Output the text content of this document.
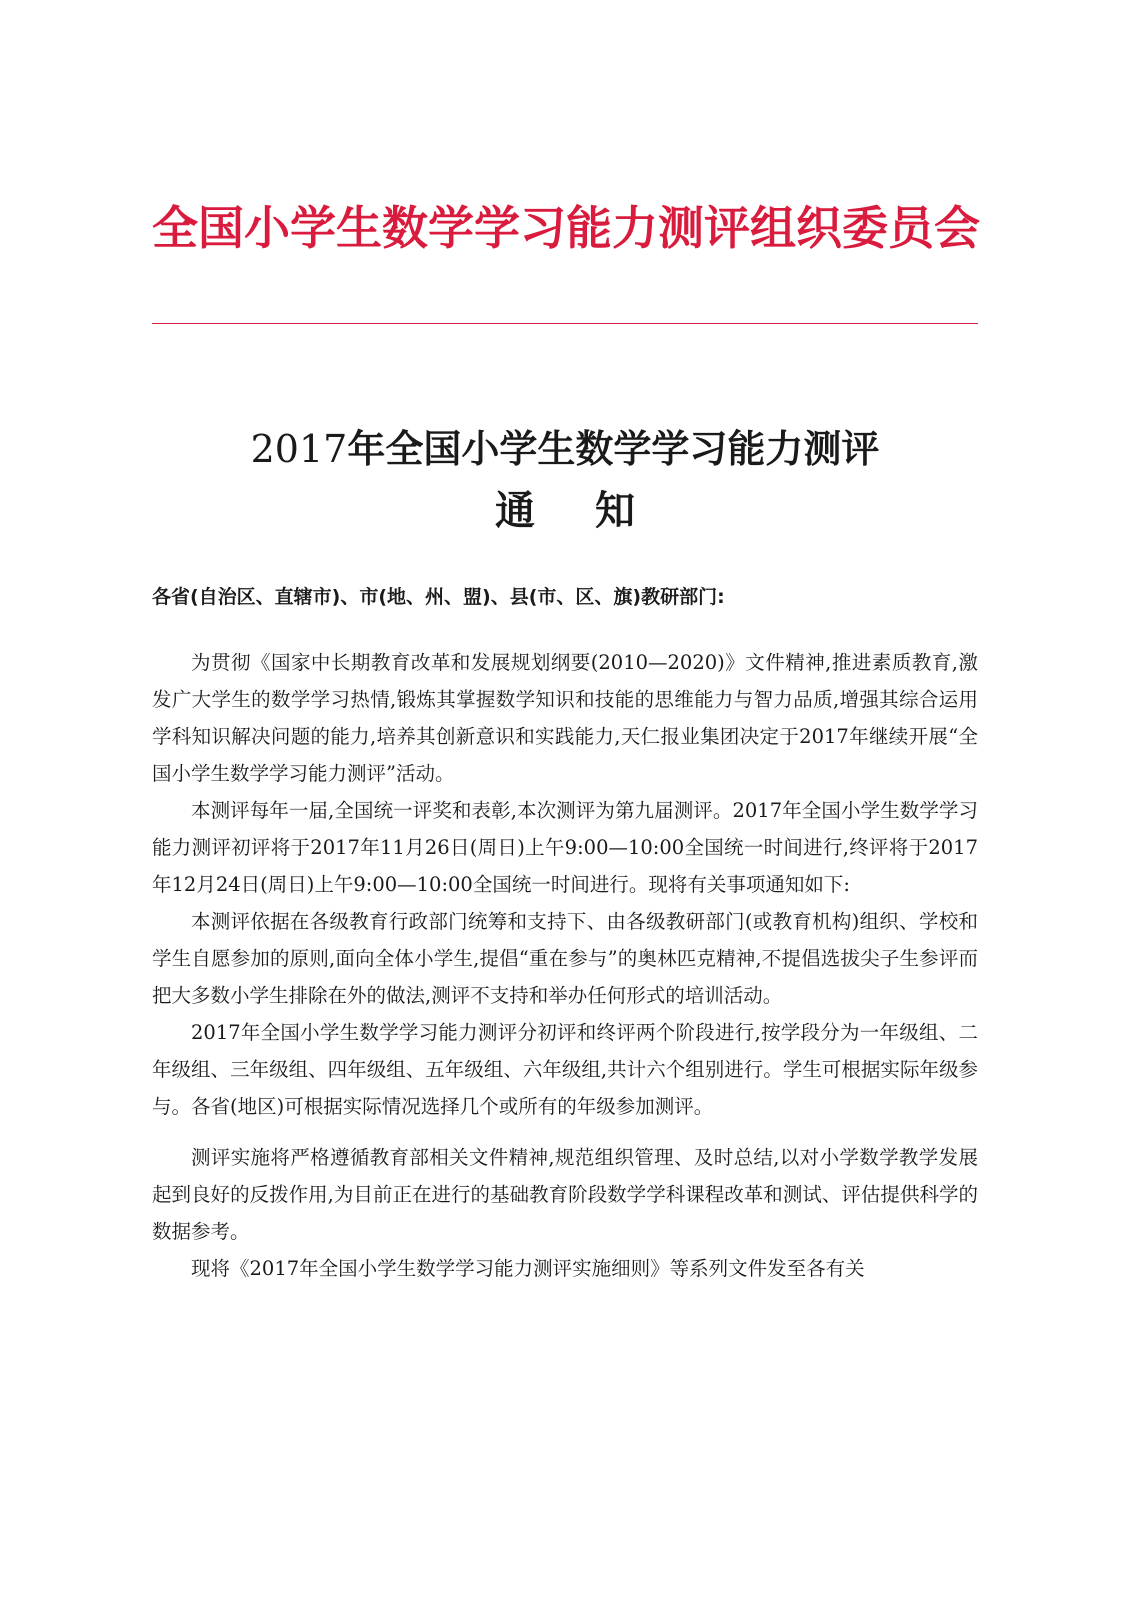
全国小学生数学学习能力测评组织委员会
2017年全国小学生数学学习能力测评
通知
各省(自治区、直辖市)、市(地、州、盟)、县(市、区、旗)教研部门:

为贯彻《国家中长期教育改革和发展规划纲要(2010—2020)》文件精神,推进素质教育,激发广大学生的数学学习热情,锻炼其掌握数学知识和技能的思维能力与智力品质,增强其综合运用学科知识解决问题的能力,培养其创新意识和实践能力,天仁报业集团决定于2017年继续开展“全国小学生数学学习能力测评”活动。

本测评每年一届,全国统一评奖和表彰,本次测评为第九届测评。2017年全国小学生数学学习能力测评初评将于2017年11月26日(周日)上午9:00—10:00全国统一时间进行,终评将于2017年12月24日(周日)上午9:00—10:00全国统一时间进行。现将有关事项通知如下:

本测评依据在各级教育行政部门统筹和支持下、由各级教研部门(或教育机构)组织、学校和学生自愿参加的原则,面向全体小学生,提倡“重在参与”的奥林匹克精神,不提倡选拔尖子生参评而把大多数小学生排除在外的做法,测评不支持和举办任何形式的培训活动。

2017年全国小学生数学学习能力测评分初评和终评两个阶段进行,按学段分为一年级组、二年级组、三年级组、四年级组、五年级组、六年级组,共计六个组别进行。学生可根据实际年级参与。各省(地区)可根据实际情况选择几个或所有的年级参加测评。

测评实施将严格遵循教育部相关文件精神,规范组织管理、及时总结,以对小学数学教学发展起到良好的反拨作用,为目前正在进行的基础教育阶段数学学科课程改革和测试、评估提供科学的数据参考。

现将《2017年全国小学生数学学习能力测评实施细则》等系列文件发至各有关
